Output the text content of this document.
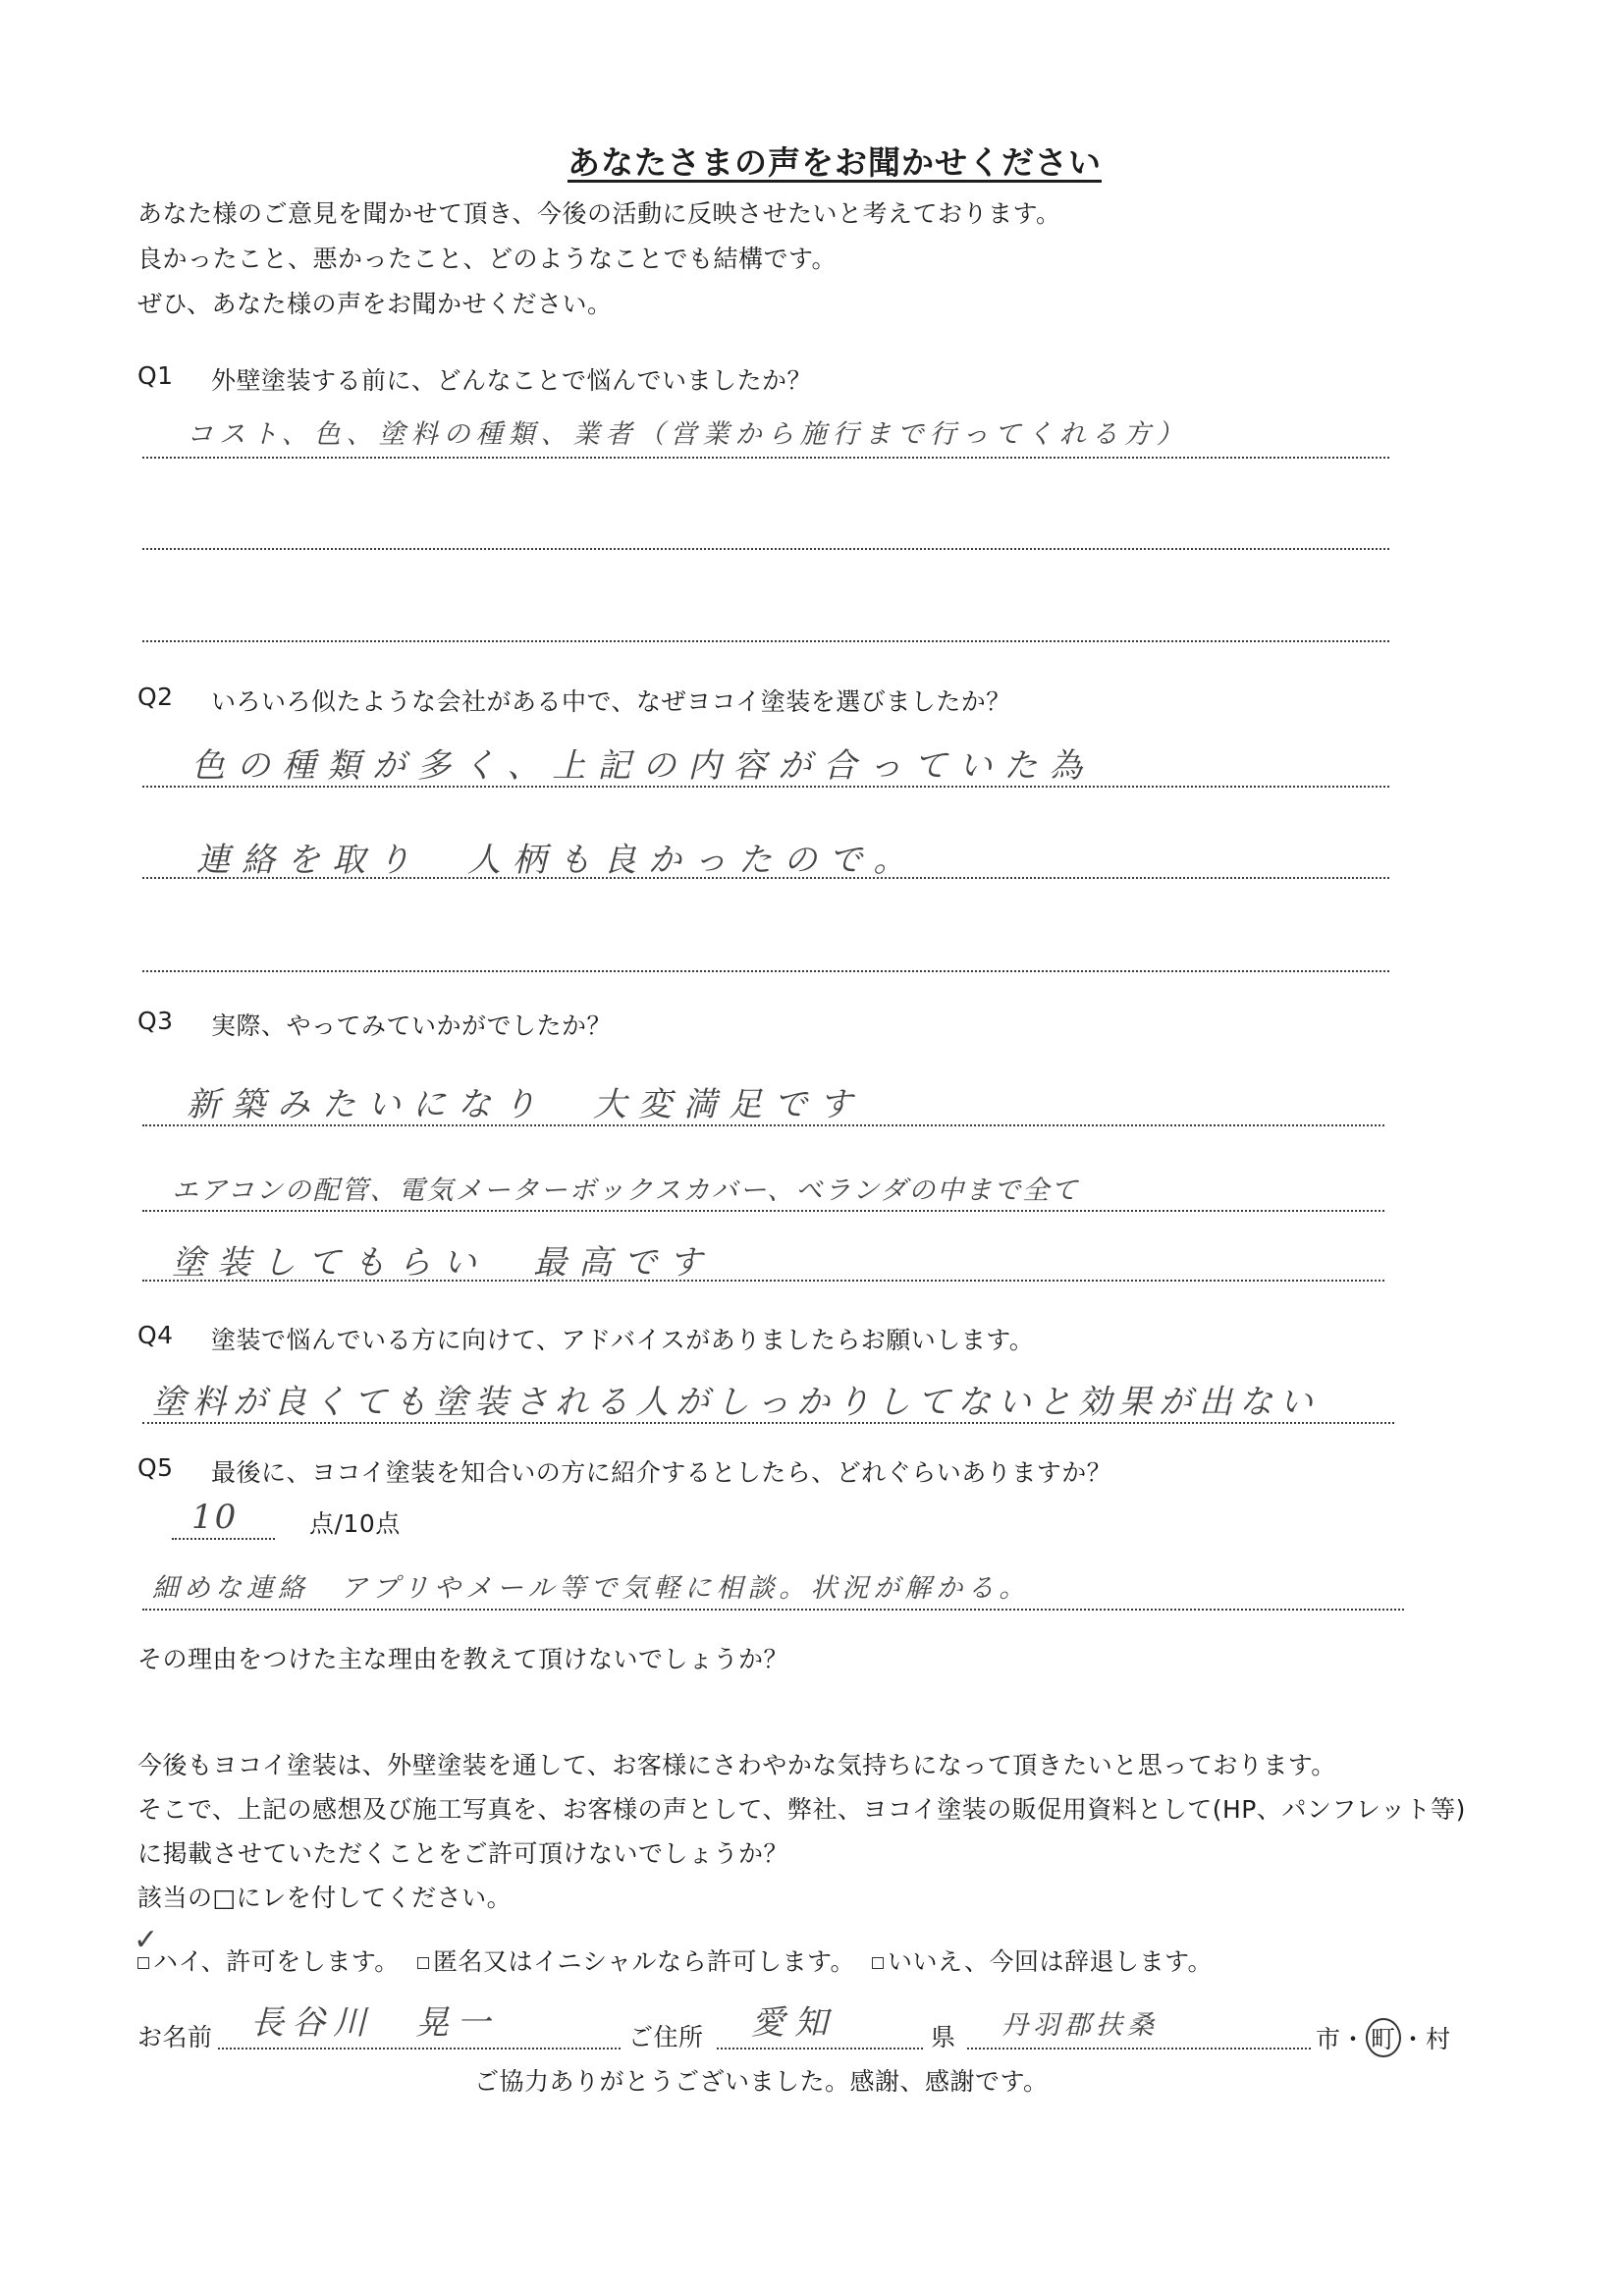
あなたさまの声をお聞かせください
あなた様のご意見を聞かせて頂き、今後の活動に反映させたいと考えております。
良かったこと、悪かったこと、どのようなことでも結構です。
ぜひ、あなた様の声をお聞かせください。
Q1 外壁塗装する前に、どんなことで悩んでいましたか？
コスト、色、塗料の種類、業者（営業から施行まで行ってくれる方）
Q2 いろいろ似たような会社がある中で、なぜヨコイ塗装を選びましたか？
色の種類が多く、上記の内容が合っていた為
連絡を取り　人柄も良かったので。
Q3 実際、やってみていかがでしたか？
新築みたいになり　大変満足です
エアコンの配管、電気メーターボックスカバー、ベランダの中まで全て
塗装してもらい　最高です
Q4 塗装で悩んでいる方に向けて、アドバイスがありましたらお願いします。
塗料が良くても塗装される人がしっかりしてないと効果が出ない
Q5 最後に、ヨコイ塗装を知合いの方に紹介するとしたら、どれぐらいありますか？
10	点/10点
細めな連絡　アプリやメール等で気軽に相談。状況が解かる。
その理由をつけた主な理由を教えて頂けないでしょうか？
今後もヨコイ塗装は、外壁塗装を通して、お客様にさわやかな気持ちになって頂きたいと思っております。
そこで、上記の感想及び施工写真を、お客様の声として、弊社、ヨコイ塗装の販促用資料として(HP、パンフレット等)
に掲載させていただくことをご許可頂けないでしょうか？
該当の□にレを付してください。
ハイ、許可をします。
✓
匿名又はイニシャルなら許可します。	いいえ、今回は辞退します。
お名前 長谷川　晃一	ご住所 愛知	県 丹羽郡扶桑	市・ 町 ・村
ご協力ありがとうございました。感謝、感謝です。
